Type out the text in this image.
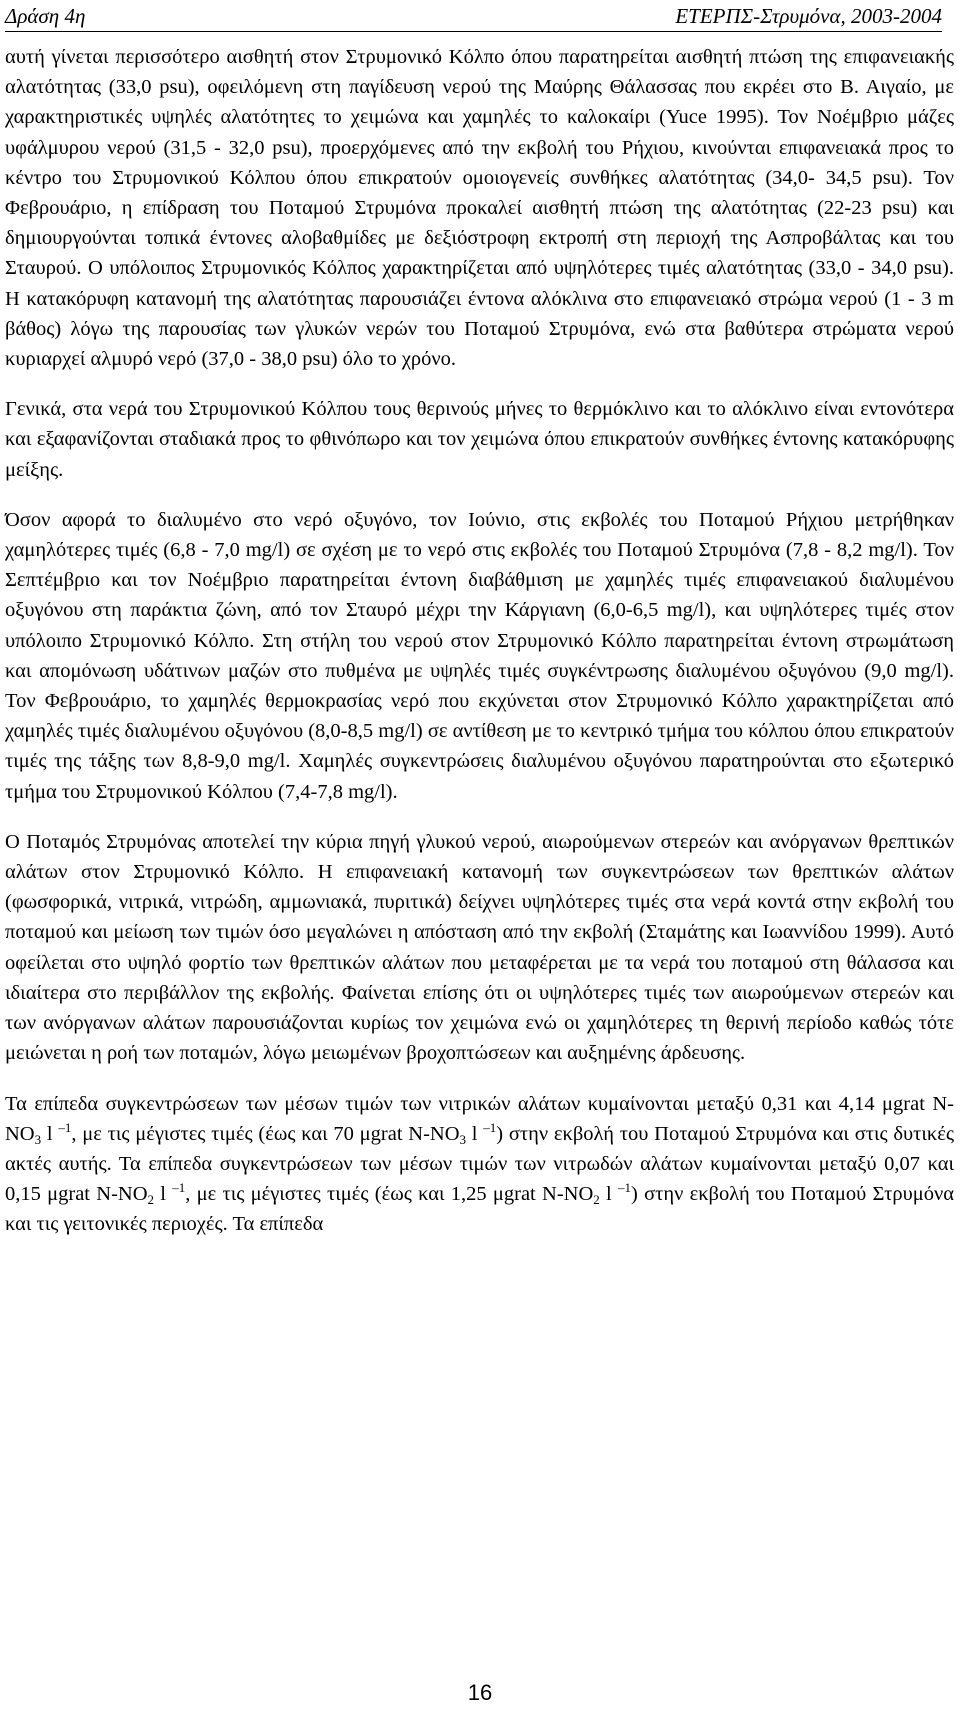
Δράση 4η	ΕΤΕΡΠΣ-Στρυμόνα, 2003-2004

αυτή γίνεται περισσότερο αισθητή στον Στρυμονικό Κόλπο όπου παρατηρείται αισθητή πτώση της επιφανειακής αλατότητας (33,0 psu), οφειλόμενη στη παγίδευση νερού της Μαύρης Θάλασσας που εκρέει στο Β. Αιγαίο, με χαρακτηριστικές υψηλές αλατότητες το χειμώνα και χαμηλές το καλοκαίρι (Yuce 1995). Τον Νοέμβριο μάζες υφάλμυρου νερού (31,5 - 32,0 psu), προερχόμενες από την εκβολή του Ρήχιου, κινούνται επιφανειακά προς το κέντρο του Στρυμονικού Κόλπου όπου επικρατούν ομοιογενείς συνθήκες αλατότητας (34,0- 34,5 psu). Τον Φεβρουάριο, η επίδραση του Ποταμού Στρυμόνα προκαλεί αισθητή πτώση της αλατότητας (22-23 psu) και δημιουργούνται τοπικά έντονες αλοβαθμίδες με δεξιόστροφη εκτροπή στη περιοχή της Ασπροβάλτας και του Σταυρού. Ο υπόλοιπος Στρυμονικός Κόλπος χαρακτηρίζεται από υψηλότερες τιμές αλατότητας (33,0 - 34,0 psu). Η κατακόρυφη κατανομή της αλατότητας παρουσιάζει έντονα αλόκλινα στο επιφανειακό στρώμα νερού (1 - 3 m βάθος) λόγω της παρουσίας των γλυκών νερών του Ποταμού Στρυμόνα, ενώ στα βαθύτερα στρώματα νερού κυριαρχεί αλμυρό νερό (37,0 - 38,0 psu) όλο το χρόνο.

Γενικά, στα νερά του Στρυμονικού Κόλπου τους θερινούς μήνες το θερμόκλινο και το αλόκλινο είναι εντονότερα και εξαφανίζονται σταδιακά προς το φθινόπωρο και τον χειμώνα όπου επικρατούν συνθήκες έντονης κατακόρυφης μείξης.

Όσον αφορά το διαλυμένο στο νερό οξυγόνο, τον Ιούνιο, στις εκβολές του Ποταμού Ρήχιου μετρήθηκαν χαμηλότερες τιμές (6,8 - 7,0 mg/l) σε σχέση με το νερό στις εκβολές του Ποταμού Στρυμόνα (7,8 - 8,2 mg/l). Τον Σεπτέμβριο και τον Νοέμβριο παρατηρείται έντονη διαβάθμιση με χαμηλές τιμές επιφανειακού διαλυμένου οξυγόνου στη παράκτια ζώνη, από τον Σταυρό μέχρι την Κάργιανη (6,0-6,5 mg/l), και υψηλότερες τιμές στον υπόλοιπο Στρυμονικό Κόλπο. Στη στήλη του νερού στον Στρυμονικό Κόλπο παρατηρείται έντονη στρωμάτωση και απομόνωση υδάτινων μαζών στο πυθμένα με υψηλές τιμές συγκέντρωσης διαλυμένου οξυγόνου (9,0 mg/l). Τον Φεβρουάριο, το χαμηλές θερμοκρασίας νερό που εκχύνεται στον Στρυμονικό Κόλπο χαρακτηρίζεται από χαμηλές τιμές διαλυμένου οξυγόνου (8,0-8,5 mg/l) σε αντίθεση με το κεντρικό τμήμα του κόλπου όπου επικρατούν τιμές της τάξης των 8,8-9,0 mg/l. Χαμηλές συγκεντρώσεις διαλυμένου οξυγόνου παρατηρούνται στο εξωτερικό τμήμα του Στρυμονικού Κόλπου (7,4-7,8 mg/l).

Ο Ποταμός Στρυμόνας αποτελεί την κύρια πηγή γλυκού νερού, αιωρούμενων στερεών και ανόργανων θρεπτικών αλάτων στον Στρυμονικό Κόλπο. Η επιφανειακή κατανομή των συγκεντρώσεων των θρεπτικών αλάτων (φωσφορικά, νιτρικά, νιτρώδη, αμμωνιακά, πυριτικά) δείχνει υψηλότερες τιμές στα νερά κοντά στην εκβολή του ποταμού και μείωση των τιμών όσο μεγαλώνει η απόσταση από την εκβολή (Σταμάτης και Ιωαννίδου 1999). Αυτό οφείλεται στο υψηλό φορτίο των θρεπτικών αλάτων που μεταφέρεται με τα νερά του ποταμού στη θάλασσα και ιδιαίτερα στο περιβάλλον της εκβολής. Φαίνεται επίσης ότι οι υψηλότερες τιμές των αιωρούμενων στερεών και των ανόργανων αλάτων παρουσιάζονται κυρίως τον χειμώνα ενώ οι χαμηλότερες τη θερινή περίοδο καθώς τότε μειώνεται η ροή των ποταμών, λόγω μειωμένων βροχοπτώσεων και αυξημένης άρδευσης.

Τα επίπεδα συγκεντρώσεων των μέσων τιμών των νιτρικών αλάτων κυμαίνονται μεταξύ 0,31 και 4,14 μgrat $N-NO_3$ l $^{-1}$, με τις μέγιστες τιμές (έως και 70 μgrat $N-NO_3$ l $^{-1}$) στην εκβολή του Ποταμού Στρυμόνα και στις δυτικές ακτές αυτής. Τα επίπεδα συγκεντρώσεων των μέσων τιμών των νιτρωδών αλάτων κυμαίνονται μεταξύ 0,07 και 0,15 μgrat $N-NO_2$ l $^{-1}$, με τις μέγιστες τιμές (έως και 1,25 μgrat $N-NO_2$ l $^{-1}$) στην εκβολή του Ποταμού Στρυμόνα και τις γειτονικές περιοχές. Τα επίπεδα

16
